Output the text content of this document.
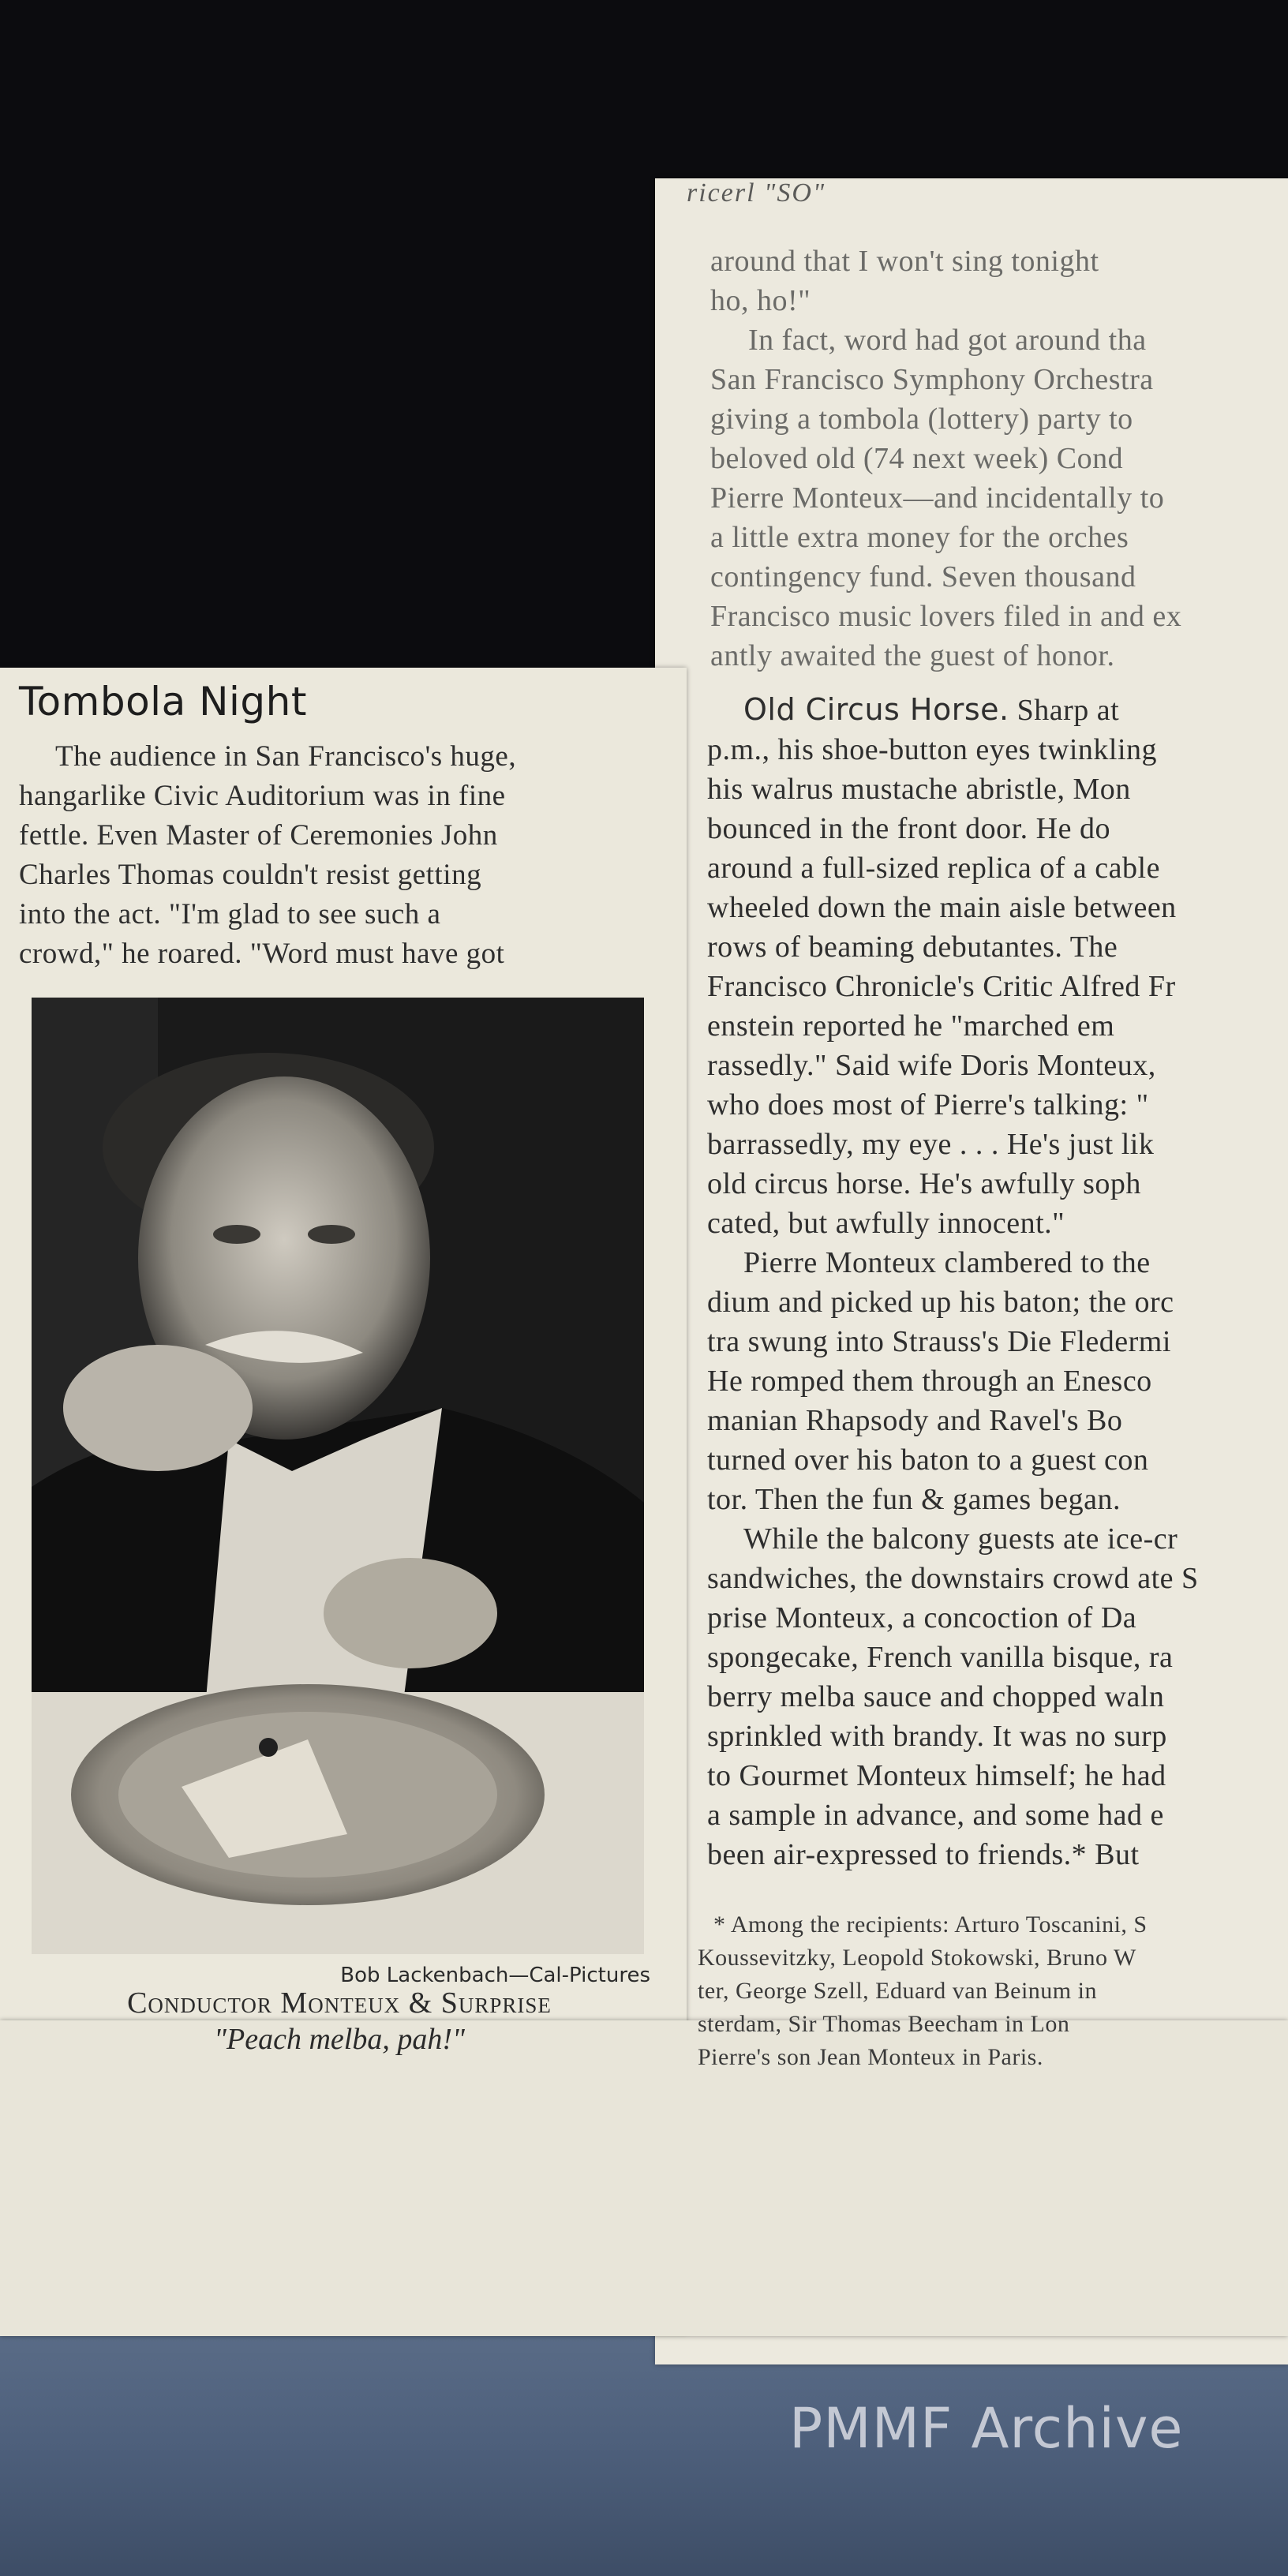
ricerl "SO"
around that I won't sing tonight
ho, ho!"
In fact, word had got around tha
San Francisco Symphony Orchestra
giving a tombola (lottery) party to
beloved old (74 next week) Cond
Pierre Monteux—and incidentally to
a little extra money for the orches
contingency fund. Seven thousand
Francisco music lovers filed in and ex
antly awaited the guest of honor.
Old Circus Horse. Sharp at
p.m., his shoe-button eyes twinkling
his walrus mustache abristle, Mon
bounced in the front door. He do
around a full-sized replica of a cable
wheeled down the main aisle between
rows of beaming debutantes. The
Francisco Chronicle's Critic Alfred Fr
enstein reported he "marched em
rassedly." Said wife Doris Monteux,
who does most of Pierre's talking: "
barrassedly, my eye . . . He's just lik
old circus horse. He's awfully soph
cated, but awfully innocent."
Pierre Monteux clambered to the
dium and picked up his baton; the orc
tra swung into Strauss's Die Fledermi
He romped them through an Enesco
manian Rhapsody and Ravel's Bo
turned over his baton to a guest con
tor. Then the fun & games began.
While the balcony guests ate ice-cr
sandwiches, the downstairs crowd ate S
prise Monteux, a concoction of Da
spongecake, French vanilla bisque, ra
berry melba sauce and chopped waln
sprinkled with brandy. It was no surp
to Gourmet Monteux himself; he had
a sample in advance, and some had e
been air-expressed to friends.* But
* Among the recipients: Arturo Toscanini, S
Koussevitzky, Leopold Stokowski, Bruno W
ter, George Szell, Eduard van Beinum in
sterdam, Sir Thomas Beecham in Lon
Pierre's son Jean Monteux in Paris.
Tombola Night
The audience in San Francisco's huge,
hangarlike Civic Auditorium was in fine
fettle. Even Master of Ceremonies John
Charles Thomas couldn't resist getting
into the act. "I'm glad to see such a
crowd," he roared. "Word must have got
Bob Lackenbach—Cal-Pictures
Conductor Monteux & Surprise
"Peach melba, pah!"
PMMF Archive
